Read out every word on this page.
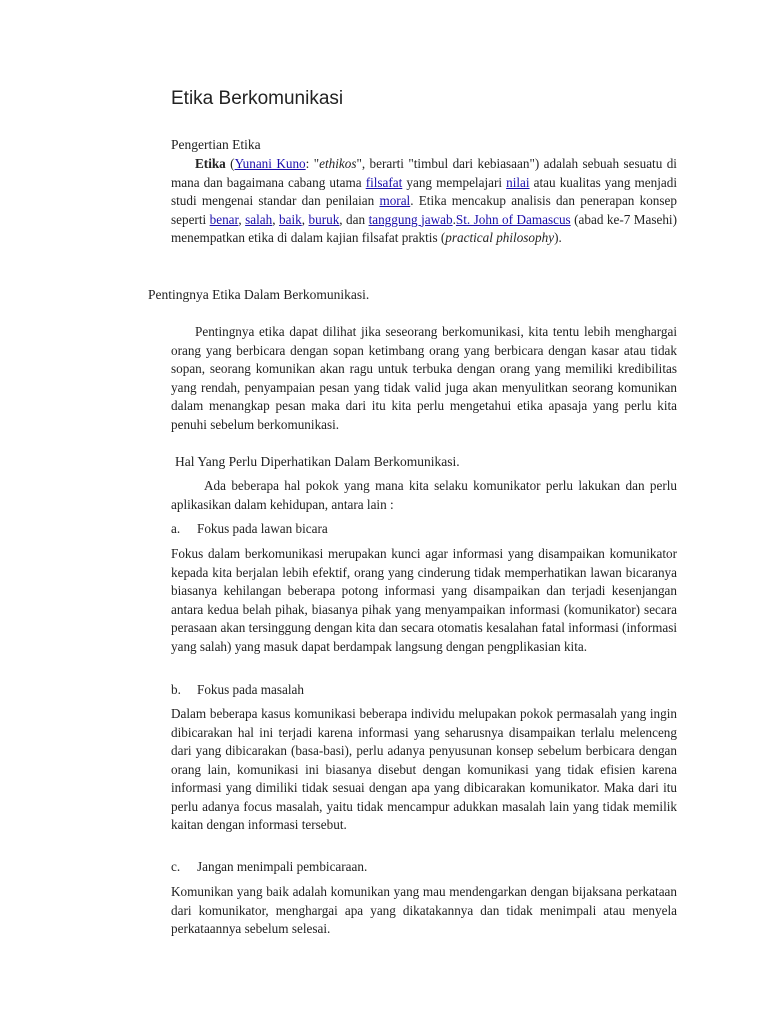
Etika Berkomunikasi
Pengertian Etika
Etika (Yunani Kuno: "ethikos", berarti "timbul dari kebiasaan") adalah sebuah sesuatu di mana dan bagaimana cabang utama filsafat yang mempelajari nilai atau kualitas yang menjadi studi mengenai standar dan penilaian moral. Etika mencakup analisis dan penerapan konsep seperti benar, salah, baik, buruk, dan tanggung jawab.St. John of Damascus (abad ke-7 Masehi) menempatkan etika di dalam kajian filsafat praktis (practical philosophy).
Pentingnya Etika Dalam Berkomunikasi.
Pentingnya etika dapat dilihat jika seseorang berkomunikasi, kita tentu lebih menghargai orang yang berbicara dengan sopan ketimbang orang yang berbicara dengan kasar atau tidak sopan, seorang komunikan akan ragu untuk terbuka dengan orang yang memiliki kredibilitas yang rendah, penyampaian pesan yang tidak valid juga akan menyulitkan seorang komunikan dalam menangkap pesan maka dari itu kita perlu mengetahui etika apasaja yang perlu kita penuhi sebelum berkomunikasi.
Hal Yang Perlu Diperhatikan Dalam Berkomunikasi.
Ada beberapa hal pokok yang mana kita selaku komunikator perlu lakukan dan perlu aplikasikan dalam kehidupan, antara lain :
a. Fokus pada lawan bicara
Fokus dalam berkomunikasi merupakan kunci agar informasi yang disampaikan komunikator kepada kita berjalan lebih efektif, orang yang cinderung tidak memperhatikan lawan bicaranya biasanya kehilangan beberapa potong informasi yang disampaikan dan terjadi kesenjangan antara kedua belah pihak, biasanya pihak yang menyampaikan informasi (komunikator) secara perasaan akan tersinggung dengan kita dan secara otomatis kesalahan fatal informasi (informasi yang salah) yang masuk dapat berdampak langsung dengan pengplikasian kita.
b. Fokus pada masalah
Dalam beberapa kasus komunikasi beberapa individu melupakan pokok permasalah yang ingin dibicarakan hal ini terjadi karena informasi yang seharusnya disampaikan terlalu melenceng dari yang dibicarakan (basa-basi), perlu adanya penyusunan konsep sebelum berbicara dengan orang lain, komunikasi ini biasanya disebut dengan komunikasi yang tidak efisien karena informasi yang dimiliki tidak sesuai dengan apa yang dibicarakan komunikator. Maka dari itu perlu adanya focus masalah, yaitu tidak mencampur adukkan masalah lain yang tidak memilik kaitan dengan informasi tersebut.
c. Jangan menimpali pembicaraan.
Komunikan yang baik adalah komunikan yang mau mendengarkan dengan bijaksana perkataan dari komunikator, menghargai apa yang dikatakannya dan tidak menimpali atau menyela perkataannya sebelum selesai.
